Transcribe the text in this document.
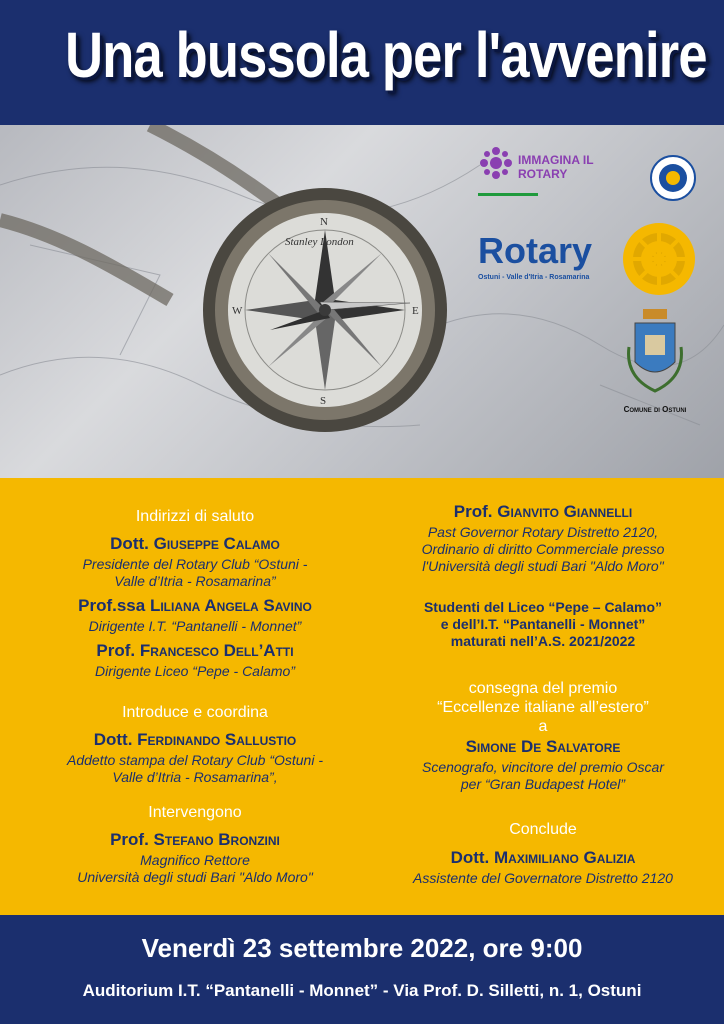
Una bussola per l'avvenire
Stanley London
N
S
E
W
IMMAGINA IL
ROTARY
Rotary
Ostuni - Valle d'Itria - Rosamarina
Comune di Ostuni

Indirizzi di saluto

Dott. Giuseppe Calamo

Presidente del Rotary Club “Ostuni -

Valle d’Itria - Rosamarina”

Prof.ssa Liliana Angela Savino

Dirigente I.T. “Pantanelli - Monnet”

Prof. Francesco Dell’Atti

Dirigente Liceo “Pepe - Calamo”

Introduce e coordina

Dott. Ferdinando Sallustio

Addetto stampa del Rotary Club “Ostuni -

Valle d’Itria - Rosamarina”,

Intervengono

Prof. Stefano Bronzini

Magnifico Rettore

Università degli studi Bari "Aldo Moro"

Prof. Gianvito Giannelli

Past Governor Rotary Distretto 2120,

Ordinario di diritto Commerciale presso

l'Università degli studi Bari "Aldo Moro"

Studenti del Liceo “Pepe – Calamo”

e dell’I.T. “Pantanelli - Monnet”

maturati nell’A.S. 2021/2022

consegna del premio

“Eccellenze italiane all’estero”

a

Simone De Salvatore

Scenografo, vincitore del premio Oscar

per “Gran Budapest Hotel”

Conclude

Dott. Maximiliano Galizia

Assistente del Governatore Distretto 2120

Venerdì 23 settembre 2022, ore 9:00
Auditorium I.T. “Pantanelli - Monnet” - Via Prof. D. Silletti, n. 1, Ostuni
